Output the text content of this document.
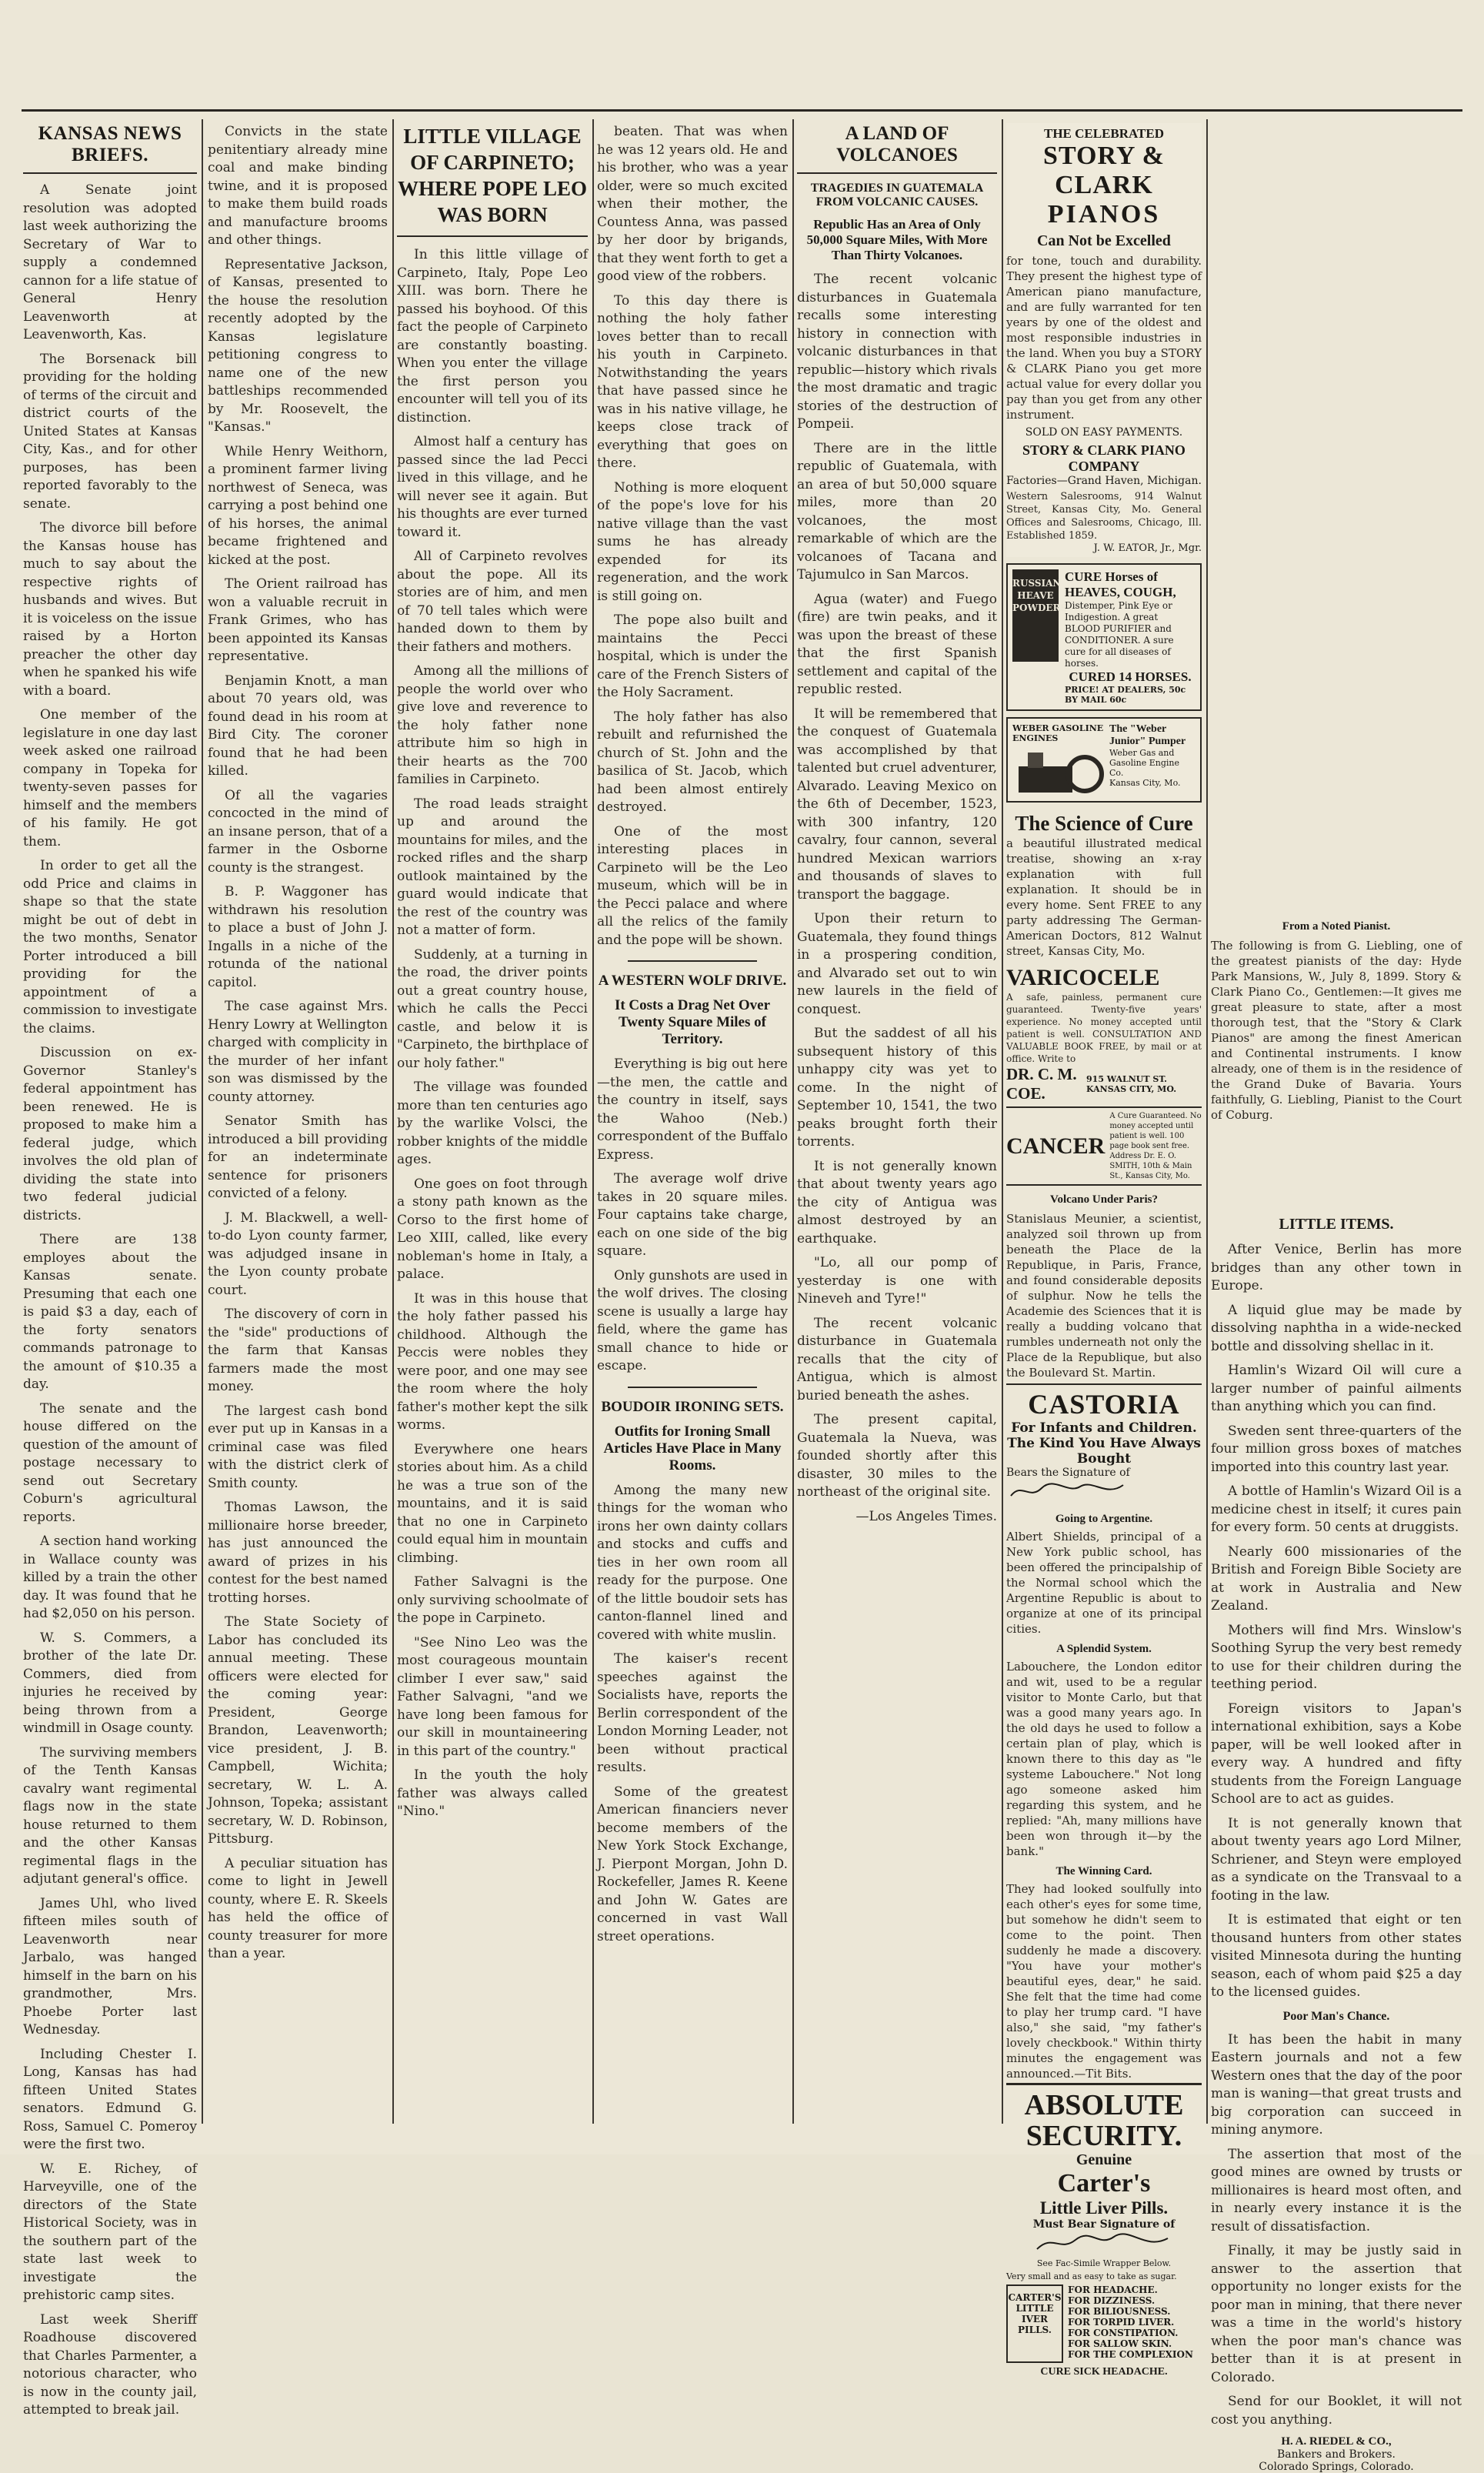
KANSAS NEWS BRIEFS.

A Senate joint resolution was adopted last week authorizing the Secretary of War to supply a condemned cannon for a life statue of General Henry Leavenworth at Leavenworth, Kas.

The Borsenack bill providing for the holding of terms of the circuit and district courts of the United States at Kansas City, Kas., and for other purposes, has been reported favorably to the senate.

The divorce bill before the Kansas house has much to say about the respective rights of husbands and wives. But it is voiceless on the issue raised by a Horton preacher the other day when he spanked his wife with a board.

One member of the legislature in one day last week asked one railroad company in Topeka for twenty-seven passes for himself and the members of his family. He got them.

In order to get all the odd Price and claims in shape so that the state might be out of debt in the two months, Senator Porter introduced a bill providing for the appointment of a commission to investigate the claims.

Discussion on ex-Governor Stanley's federal appointment has been renewed. He is proposed to make him a federal judge, which involves the old plan of dividing the state into two federal judicial districts.

There are 138 employes about the Kansas senate. Presuming that each one is paid $3 a day, each of the forty senators commands patronage to the amount of $10.35 a day.

The senate and the house differed on the question of the amount of postage necessary to send out Secretary Coburn's agricultural reports.

A section hand working in Wallace county was killed by a train the other day. It was found that he had $2,050 on his person.

W. S. Commers, a brother of the late Dr. Commers, died from injuries he received by being thrown from a windmill in Osage county.

The surviving members of the Tenth Kansas cavalry want regimental flags now in the state house returned to them and the other Kansas regimental flags in the adjutant general's office.

James Uhl, who lived fifteen miles south of Leavenworth near Jarbalo, was hanged himself in the barn on his grandmother, Mrs. Phoebe Porter last Wednesday.

Including Chester I. Long, Kansas has had fifteen United States senators. Edmund G. Ross, Samuel C. Pomeroy were the first two.

W. E. Richey, of Harveyville, one of the directors of the State Historical Society, was in the southern part of the state last week to investigate the prehistoric camp sites.

Last week Sheriff Roadhouse discovered that Charles Parmenter, a notorious character, who is now in the county jail, attempted to break jail.

Convicts in the state penitentiary already mine coal and make binding twine, and it is proposed to make them build roads and manufacture brooms and other things.

Representative Jackson, of Kansas, presented to the house the resolution recently adopted by the Kansas legislature petitioning congress to name one of the new battleships recommended by Mr. Roosevelt, the "Kansas."

While Henry Weithorn, a prominent farmer living northwest of Seneca, was carrying a post behind one of his horses, the animal became frightened and kicked at the post.

The Orient railroad has won a valuable recruit in Frank Grimes, who has been appointed its Kansas representative.

Benjamin Knott, a man about 70 years old, was found dead in his room at Bird City. The coroner found that he had been killed.

Of all the vagaries concocted in the mind of an insane person, that of a farmer in the Osborne county is the strangest.

B. P. Waggoner has withdrawn his resolution to place a bust of John J. Ingalls in a niche of the rotunda of the national capitol.

The case against Mrs. Henry Lowry at Wellington charged with complicity in the murder of her infant son was dismissed by the county attorney.

Senator Smith has introduced a bill providing for an indeterminate sentence for prisoners convicted of a felony.

J. M. Blackwell, a well-to-do Lyon county farmer, was adjudged insane in the Lyon county probate court.

The discovery of corn in the "side" productions of the farm that Kansas farmers made the most money.

The largest cash bond ever put up in Kansas in a criminal case was filed with the district clerk of Smith county.

Thomas Lawson, the millionaire horse breeder, has just announced the award of prizes in his contest for the best named trotting horses.

The State Society of Labor has concluded its annual meeting. These officers were elected for the coming year: President, George Brandon, Leavenworth; vice president, J. B. Campbell, Wichita; secretary, W. L. A. Johnson, Topeka; assistant secretary, W. D. Robinson, Pittsburg.

A peculiar situation has come to light in Jewell county, where E. R. Skeels has held the office of county treasurer for more than a year.

LITTLE VILLAGE OF CARPINETO; WHERE POPE LEO WAS BORN

In this little village of Carpineto, Italy, Pope Leo XIII. was born. There he passed his boyhood. Of this fact the people of Carpineto are constantly boasting. When you enter the village the first person you encounter will tell you of its distinction.

Almost half a century has passed since the lad Pecci lived in this village, and he will never see it again. But his thoughts are ever turned toward it.

All of Carpineto revolves about the pope. All its stories are of him, and men of 70 tell tales which were handed down to them by their fathers and mothers.

Among all the millions of people the world over who give love and reverence to the holy father none attribute him so high in their hearts as the 700 families in Carpineto.

The road leads straight up and around the mountains for miles, and the rocked rifles and the sharp outlook maintained by the guard would indicate that the rest of the country was not a matter of form.

Suddenly, at a turning in the road, the driver points out a great country house, which he calls the Pecci castle, and below it is "Carpineto, the birthplace of our holy father."

The village was founded more than ten centuries ago by the warlike Volsci, the robber knights of the middle ages.

One goes on foot through a stony path known as the Corso to the first home of Leo XIII, called, like every nobleman's home in Italy, a palace.

It was in this house that the holy father passed his childhood. Although the Peccis were nobles they were poor, and one may see the room where the holy father's mother kept the silk worms.

Everywhere one hears stories about him. As a child he was a true son of the mountains, and it is said that no one in Carpineto could equal him in mountain climbing.

Father Salvagni is the only surviving schoolmate of the pope in Carpineto.

"See Nino Leo was the most courageous mountain climber I ever saw," said Father Salvagni, "and we have long been famous for our skill in mountaineering in this part of the country."

In the youth the holy father was always called "Nino."

beaten. That was when he was 12 years old. He and his brother, who was a year older, were so much excited when their mother, the Countess Anna, was passed by her door by brigands, that they went forth to get a good view of the robbers.

To this day there is nothing the holy father loves better than to recall his youth in Carpineto. Notwithstanding the years that have passed since he was in his native village, he keeps close track of everything that goes on there.

Nothing is more eloquent of the pope's love for his native village than the vast sums he has already expended for its regeneration, and the work is still going on.

The pope also built and maintains the Pecci hospital, which is under the care of the French Sisters of the Holy Sacrament.

The holy father has also rebuilt and refurnished the church of St. John and the basilica of St. Jacob, which had been almost entirely destroyed.

One of the most interesting places in Carpineto will be the Leo museum, which will be in the Pecci palace and where all the relics of the family and the pope will be shown.

A WESTERN WOLF DRIVE.
It Costs a Drag Net Over Twenty Square Miles of Territory.

Everything is big out here—the men, the cattle and the country in itself, says the Wahoo (Neb.) correspondent of the Buffalo Express.

The average wolf drive takes in 20 square miles. Four captains take charge, each on one side of the big square.

Only gunshots are used in the wolf drives. The closing scene is usually a large hay field, where the game has small chance to hide or escape.

BOUDOIR IRONING SETS.
Outfits for Ironing Small Articles Have Place in Many Rooms.

Among the many new things for the woman who irons her own dainty collars and stocks and cuffs and ties in her own room all ready for the purpose. One of the little boudoir sets has canton-flannel lined and covered with white muslin.

The kaiser's recent speeches against the Socialists have, reports the Berlin correspondent of the London Morning Leader, not been without practical results.

Some of the greatest American financiers never become members of the New York Stock Exchange, J. Pierpont Morgan, John D. Rockefeller, James R. Keene and John W. Gates are concerned in vast Wall street operations.

A LAND OF VOLCANOES
TRAGEDIES IN GUATEMALA FROM VOLCANIC CAUSES.
Republic Has an Area of Only 50,000 Square Miles, With More Than Thirty Volcanoes.

The recent volcanic disturbances in Guatemala recalls some interesting history in connection with volcanic disturbances in that republic—history which rivals the most dramatic and tragic stories of the destruction of Pompeii.

There are in the little republic of Guatemala, with an area of but 50,000 square miles, more than 20 volcanoes, the most remarkable of which are the volcanoes of Tacana and Tajumulco in San Marcos.

Agua (water) and Fuego (fire) are twin peaks, and it was upon the breast of these that the first Spanish settlement and capital of the republic rested.

It will be remembered that the conquest of Guatemala was accomplished by that talented but cruel adventurer, Alvarado. Leaving Mexico on the 6th of December, 1523, with 300 infantry, 120 cavalry, four cannon, several hundred Mexican warriors and thousands of slaves to transport the baggage.

Upon their return to Guatemala, they found things in a prospering condition, and Alvarado set out to win new laurels in the field of conquest.

But the saddest of all his subsequent history of this unhappy city was yet to come. In the night of September 10, 1541, the two peaks brought forth their torrents.

It is not generally known that about twenty years ago the city of Antigua was almost destroyed by an earthquake.

"Lo, all our pomp of yesterday is one with Nineveh and Tyre!"

The recent volcanic disturbance in Guatemala recalls that the city of Antigua, which is almost buried beneath the ashes.

The present capital, Guatemala la Nueva, was founded shortly after this disaster, 30 miles to the northeast of the original site.

—Los Angeles Times.

THE CELEBRATED
STORY & CLARK
PIANOS
Can Not be Excelled
for tone, touch and durability. They present the highest type of American piano manufacture, and are fully warranted for ten years by one of the oldest and most responsible industries in the land. When you buy a STORY & CLARK Piano you get more actual value for every dollar you pay than you get from any other instrument.
SOLD ON EASY PAYMENTS.
STORY & CLARK PIANO COMPANY
Factories—Grand Haven, Michigan.
Western Salesrooms, 914 Walnut Street, Kansas City, Mo. General Offices and Salesrooms, Chicago, Ill. Established 1859.
J. W. EATOR, Jr., Mgr.
RUSSIAN HEAVE POWDERS
CURE Horses of HEAVES, COUGH,
Distemper, Pink Eye or Indigestion. A great BLOOD PURIFIER and CONDITIONER. A sure cure for all diseases of horses.
CURED 14 HORSES.
PRICE! AT DEALERS, 50c BY MAIL 60c
WEBER GASOLINE ENGINES
The "Weber Junior" Pumper
Weber Gas and Gasoline Engine Co.
Kansas City, Mo.
The Science of Cure
a beautiful illustrated medical treatise, showing an x-ray explanation with full explanation. It should be in every home. Sent FREE to any party addressing The German-American Doctors, 812 Walnut street, Kansas City, Mo.
VARICOCELE
A safe, painless, permanent cure guaranteed. Twenty-five years' experience. No money accepted until patient is well. CONSULTATION AND VALUABLE BOOK FREE, by mail or at office. Write to
DR. C. M. COE.
915 WALNUT ST. KANSAS CITY, MO.
CANCER
A Cure Guaranteed. No money accepted until patient is well. 100 page book sent free. Address Dr. E. O. SMITH, 10th & Main St., Kansas City, Mo.
Volcano Under Paris?
Stanislaus Meunier, a scientist, analyzed soil thrown up from beneath the Place de la Republique, in Paris, France, and found considerable deposits of sulphur. Now he tells the Academie des Sciences that it is really a budding volcano that rumbles underneath not only the Place de la Republique, but also the Boulevard St. Martin.
CASTORIA
For Infants and Children.
The Kind You Have Always Bought
Bears the Signature of
Going to Argentine.
Albert Shields, principal of a New York public school, has been offered the principalship of the Normal school which the Argentine Republic is about to organize at one of its principal cities.
A Splendid System.
Labouchere, the London editor and wit, used to be a regular visitor to Monte Carlo, but that was a good many years ago. In the old days he used to follow a certain plan of play, which is known there to this day as "le systeme Labouchere." Not long ago someone asked him regarding this system, and he replied: "Ah, many millions have been won through it—by the bank."
The Winning Card.
They had looked soulfully into each other's eyes for some time, but somehow he didn't seem to come to the point. Then suddenly he made a discovery. "You have your mother's beautiful eyes, dear," he said. She felt that the time had come to play her trump card. "I have also," she said, "my father's lovely checkbook." Within thirty minutes the engagement was announced.—Tit Bits.
ABSOLUTE
SECURITY.
Genuine
Carter's
Little Liver Pills.
Must Bear Signature of
See Fac-Simile Wrapper Below.
Very small and as easy to take as sugar.
CARTER'S LITTLE IVER PILLS.
FOR HEADACHE.
FOR DIZZINESS.
FOR BILIOUSNESS.
FOR TORPID LIVER.
FOR CONSTIPATION.
FOR SALLOW SKIN.
FOR THE COMPLEXION
CURE SICK HEADACHE.
LITTLE ITEMS.

After Venice, Berlin has more bridges than any other town in Europe.

A liquid glue may be made by dissolving naphtha in a wide-necked bottle and dissolving shellac in it.

Hamlin's Wizard Oil will cure a larger number of painful ailments than anything which you can find.

Sweden sent three-quarters of the four million gross boxes of matches imported into this country last year.

A bottle of Hamlin's Wizard Oil is a medicine chest in itself; it cures pain for every form. 50 cents at druggists.

Nearly 600 missionaries of the British and Foreign Bible Society are at work in Australia and New Zealand.

Mothers will find Mrs. Winslow's Soothing Syrup the very best remedy to use for their children during the teething period.

Foreign visitors to Japan's international exhibition, says a Kobe paper, will be well looked after in every way. A hundred and fifty students from the Foreign Language School are to act as guides.

It is not generally known that about twenty years ago Lord Milner, Schriener, and Steyn were employed as a syndicate on the Transvaal to a footing in the law.

It is estimated that eight or ten thousand hunters from other states visited Minnesota during the hunting season, each of whom paid $25 a day to the licensed guides.

Poor Man's Chance.

It has been the habit in many Eastern journals and not a few Western ones that the day of the poor man is waning—that great trusts and big corporation can succeed in mining anymore.

The assertion that most of the good mines are owned by trusts or millionaires is heard most often, and in nearly every instance it is the result of dissatisfaction.

Finally, it may be justly said in answer to the assertion that opportunity no longer exists for the poor man in mining, that there never was a time in the world's history when the poor man's chance was better than it is at present in Colorado.

Send for our Booklet, it will not cost you anything.

H. A. RIEDEL & CO.,
Bankers and Brokers.
Colorado Springs, Colorado.
From a Noted Pianist.
The following is from G. Liebling, one of the greatest pianists of the day: Hyde Park Mansions, W., July 8, 1899. Story & Clark Piano Co., Gentlemen:—It gives me great pleasure to state, after a most thorough test, that the "Story & Clark Pianos" are among the finest American and Continental instruments. I know already, one of them is in the residence of the Grand Duke of Bavaria. Yours faithfully, G. Liebling, Pianist to the Court of Coburg.
